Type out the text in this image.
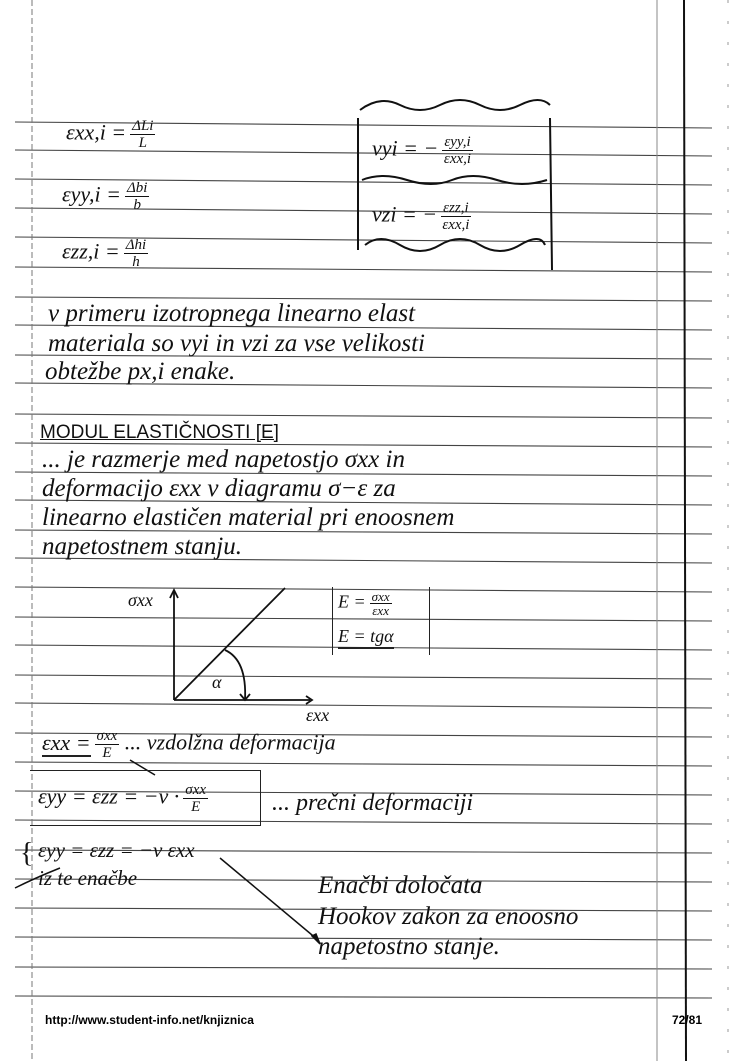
$\varepsilon xx,i = \frac{\text{ΔLi}}{L}$
$\varepsilon yy,i = \frac{\text{Δbi}}{b}$
$\varepsilon zz,i = \frac{\text{Δhi}}{h}$
νyi = − $\frac{\text{εyy,i}}{\text{εxx,i}}$
νzi = − $\frac{\text{εzz,i}}{\text{εxx,i}}$
v primeru izotropnega linearno elast
materiala so νyi in νzi za vse velikosti
obtežbe px,i enake.
MODUL ELASTIČNOSTI [E]
... je razmerje med napetostjo σxx in
deformacijo εxx v diagramu σ−ε za
linearno elastičen material pri enoosnem
napetostnem stanju.
σxx
εxx
α
$E = \frac{\text{σxx}}{\text{εxx}}$
E = tgα
$\varepsilon xx = \frac{\text{σxx}}{E}$ ... vzdolžna deformacija
$\varepsilon yy = \varepsilon zz = -\nu \cdot \frac{\text{σxx}}{E}$	... prečni deformaciji
{ εyy = εzz = −ν εxx
iz te enačbe	Enačbi določata
Hookov zakon za enoosno
napetostno stanje.
http://www.student-info.net/knjiznica	72/81
